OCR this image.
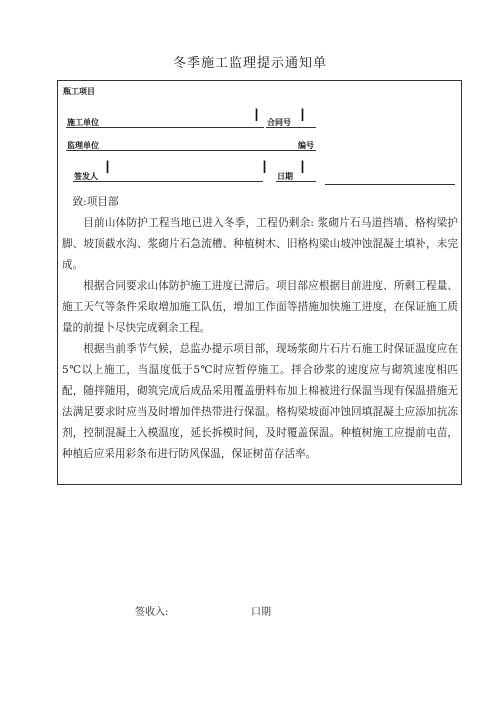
冬季施工监理提示通知单
瓶工项目
施工单位	I 合同号 I
监理单位	编号
签发人 I	I 日期 I

致:项目部

目前山体防护工程当地已进入冬季，工程仍剩余: 浆砌片石马道挡墙、格构梁护脚、坡顶截水沟、浆砌片石急流槽、种植树木、旧格构梁山坡冲蚀混凝土填补，未完成。

根据合同要求山体防护施工进度已滞后。项目部应根据目前进度、所剩工程量、施工天气等条件采取增加施工队伍，增加工作面等措施加快施工进度，在保证施工质量的前提卜尽快完成剩余工程。

根据当前季节气候，总监办提示项目部，现场浆砌片石片石施工时保证温度应在5℃以上施工，当温度低于5℃时应暂停施工。拌合砂浆的速度应与砌筑速度相匹配，随拌随用，砌筑完成后成品采用覆盖册料布加上棉被进行保温当现有保温措施无法满足要求时应当及时增加伴热带进行保温。格构梁坡面冲蚀回填混凝土应添加抗冻剂，控制混凝土入模温度，延长拆模时间，及时覆盖保温。种植树施工应提前屯苗，种植后应采用彩条布进行防风保温，保证树苗存活率。

签收入:	口期
